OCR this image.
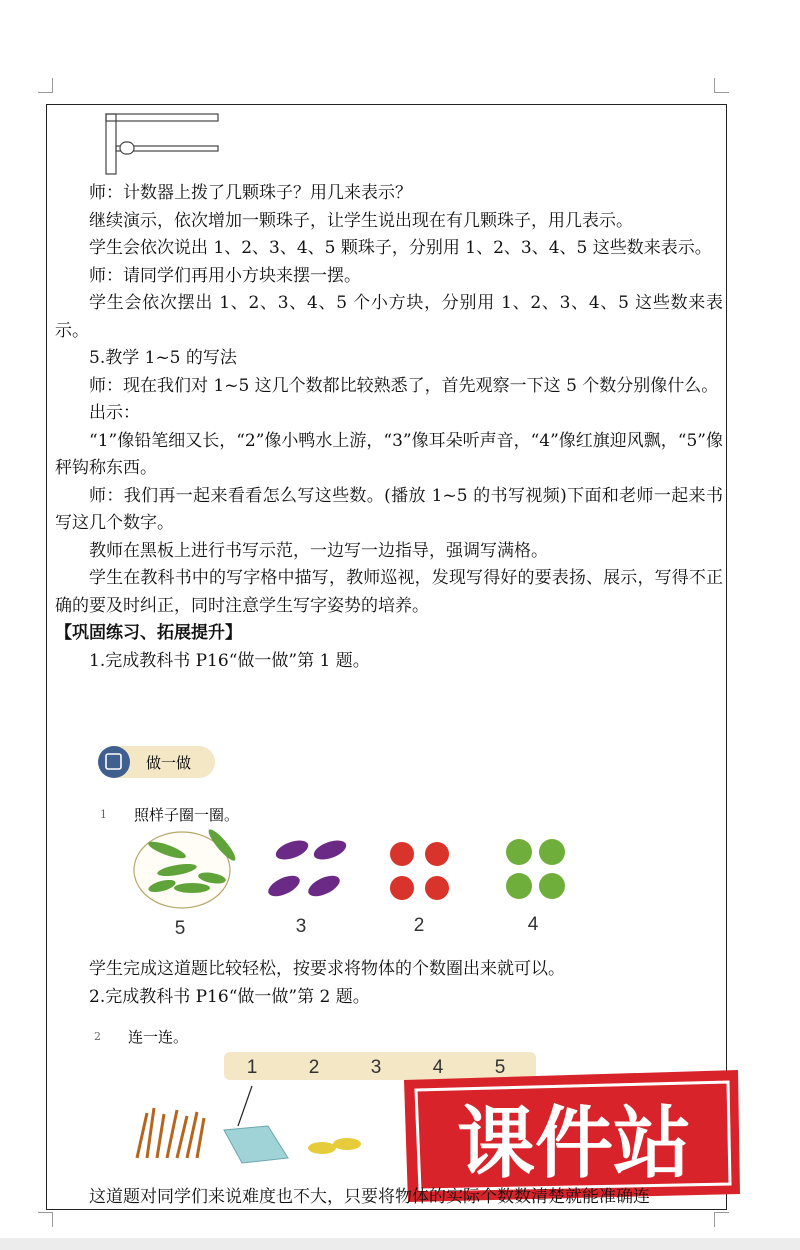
师：计数器上拨了几颗珠子？用几来表示？

继续演示，依次增加一颗珠子，让学生说出现在有几颗珠子，用几表示。

学生会依次说出 1、2、3、4、5 颗珠子，分别用 1、2、3、4、5 这些数来表示。

师：请同学们再用小方块来摆一摆。

学生会依次摆出 1、2、3、4、5 个小方块，分别用 1、2、3、4、5 这些数来表示。

5.教学 1~5 的写法

师：现在我们对 1~5 这几个数都比较熟悉了，首先观察一下这 5 个数分别像什么。

出示：

“1”像铅笔细又长，“2”像小鸭水上游，“3”像耳朵听声音，“4”像红旗迎风飘，“5”像秤钩称东西。

师：我们再一起来看看怎么写这些数。(播放 1~5 的书写视频)下面和老师一起来书写这几个数字。

教师在黑板上进行书写示范，一边写一边指导，强调写满格。

学生在教科书中的写字格中描写，教师巡视，发现写得好的要表扬、展示，写得不正确的要及时纠正，同时注意学生写字姿势的培养。

【巩固练习、拓展提升】

1.完成教科书 P16“做一做”第 1 题。

做一做
1 照样子圈一圈。
5	3	2	4

学生完成这道题比较轻松，按要求将物体的个数圈出来就可以。

2.完成教科书 P16“做一做”第 2 题。

2 连一连。
1	2	3	4	5
课件站

这道题对同学们来说难度也不大，只要将物体的实际个数数清楚就能准确连
